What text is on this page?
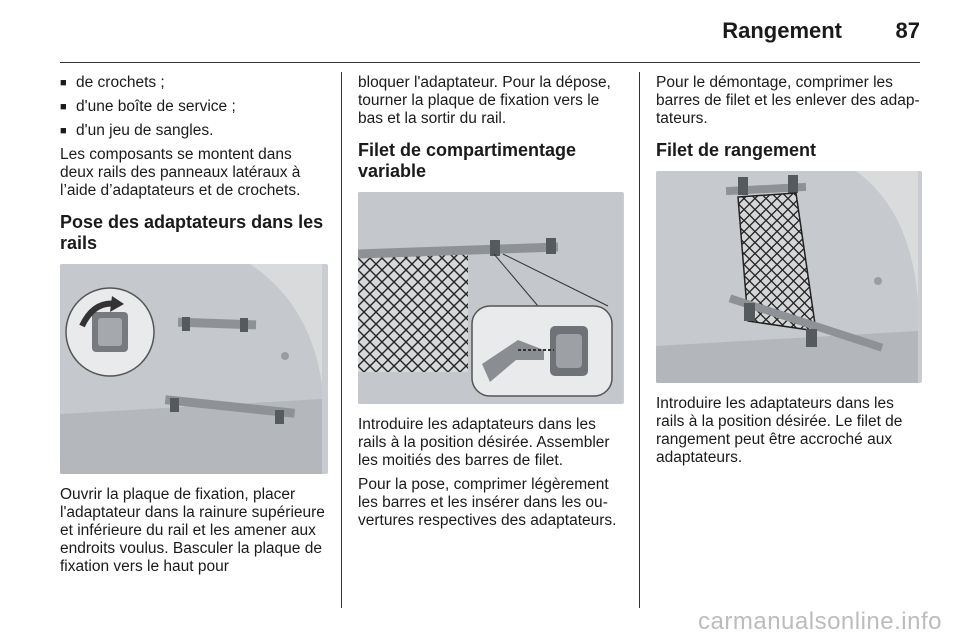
Rangement 87
■ de crochets ;
■ d'une boîte de service ;
■ d'un jeu de sangles.

Les composants se montent dans deux rails des panneaux latéraux à l’aide d’adaptateurs et de crochets.

Pose des adaptateurs dans les rails

Ouvrir la plaque de fixation, placer l'adaptateur dans la rainure supérieure et inférieure du rail et les amener aux endroits voulus. Basculer la plaque de fixation vers le haut pour

bloquer l'adaptateur. Pour la dépose, tourner la plaque de fixation vers le bas et la sortir du rail.

Filet de compartimentage variable

Introduire les adaptateurs dans les rails à la position désirée. Assembler les moitiés des barres de filet.

Pour la pose, comprimer légèrement les barres et les insérer dans les ouvertures respectives des adaptateurs.

Pour le démontage, comprimer les barres de filet et les enlever des adaptateurs.

Filet de rangement

Introduire les adaptateurs dans les rails à la position désirée. Le filet de rangement peut être accroché aux adaptateurs.

carmanualsonline.info
